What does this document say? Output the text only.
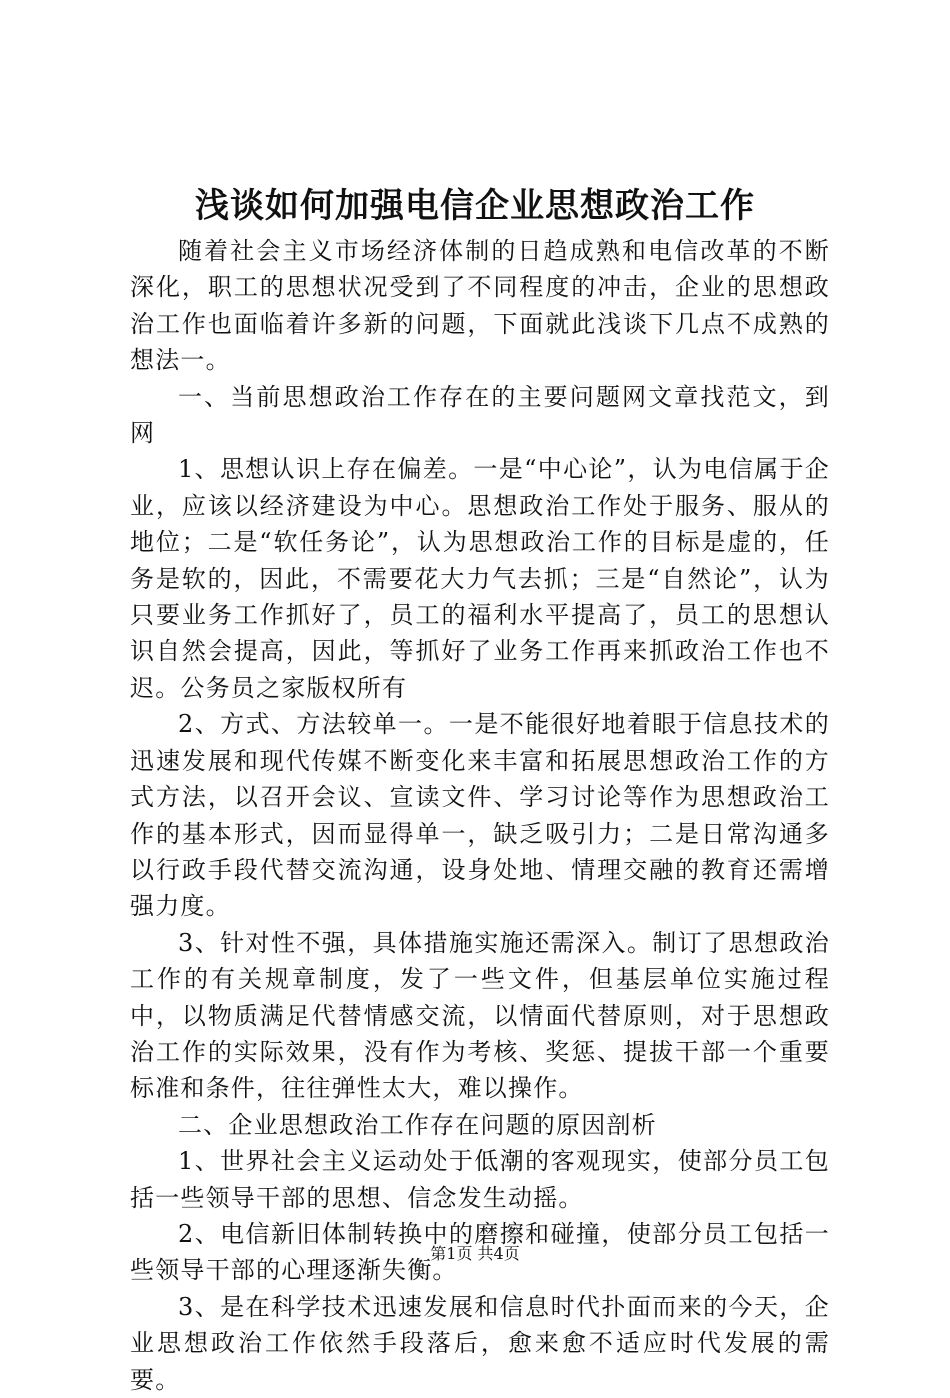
浅谈如何加强电信企业思想政治工作

随着社会主义市场经济体制的日趋成熟和电信改革的不断深化，职工的思想状况受到了不同程度的冲击，企业的思想政治工作也面临着许多新的问题，下面就此浅谈下几点不成熟的想法一。

一、当前思想政治工作存在的主要问题网文章找范文，到网

1、思想认识上存在偏差。一是“中心论”，认为电信属于企业，应该以经济建设为中心。思想政治工作处于服务、服从的地位；二是“软任务论”，认为思想政治工作的目标是虚的，任务是软的，因此，不需要花大力气去抓；三是“自然论”，认为只要业务工作抓好了，员工的福利水平提高了，员工的思想认识自然会提高，因此，等抓好了业务工作再来抓政治工作也不迟。公务员之家版权所有

2、方式、方法较单一。一是不能很好地着眼于信息技术的迅速发展和现代传媒不断变化来丰富和拓展思想政治工作的方式方法，以召开会议、宣读文件、学习讨论等作为思想政治工作的基本形式，因而显得单一，缺乏吸引力；二是日常沟通多以行政手段代替交流沟通，设身处地、情理交融的教育还需增强力度。

3、针对性不强，具体措施实施还需深入。制订了思想政治工作的有关规章制度，发了一些文件，但基层单位实施过程中，以物质满足代替情感交流，以情面代替原则，对于思想政治工作的实际效果，没有作为考核、奖惩、提拔干部一个重要标准和条件，往往弹性太大，难以操作。

二、企业思想政治工作存在问题的原因剖析

1、世界社会主义运动处于低潮的客观现实，使部分员工包括一些领导干部的思想、信念发生动摇。

2、电信新旧体制转换中的磨擦和碰撞，使部分员工包括一些领导干部的心理逐渐失衡。

3、是在科学技术迅速发展和信息时代扑面而来的今天，企业思想政治工作依然手段落后，愈来愈不适应时代发展的需要。

第1页 共4页
